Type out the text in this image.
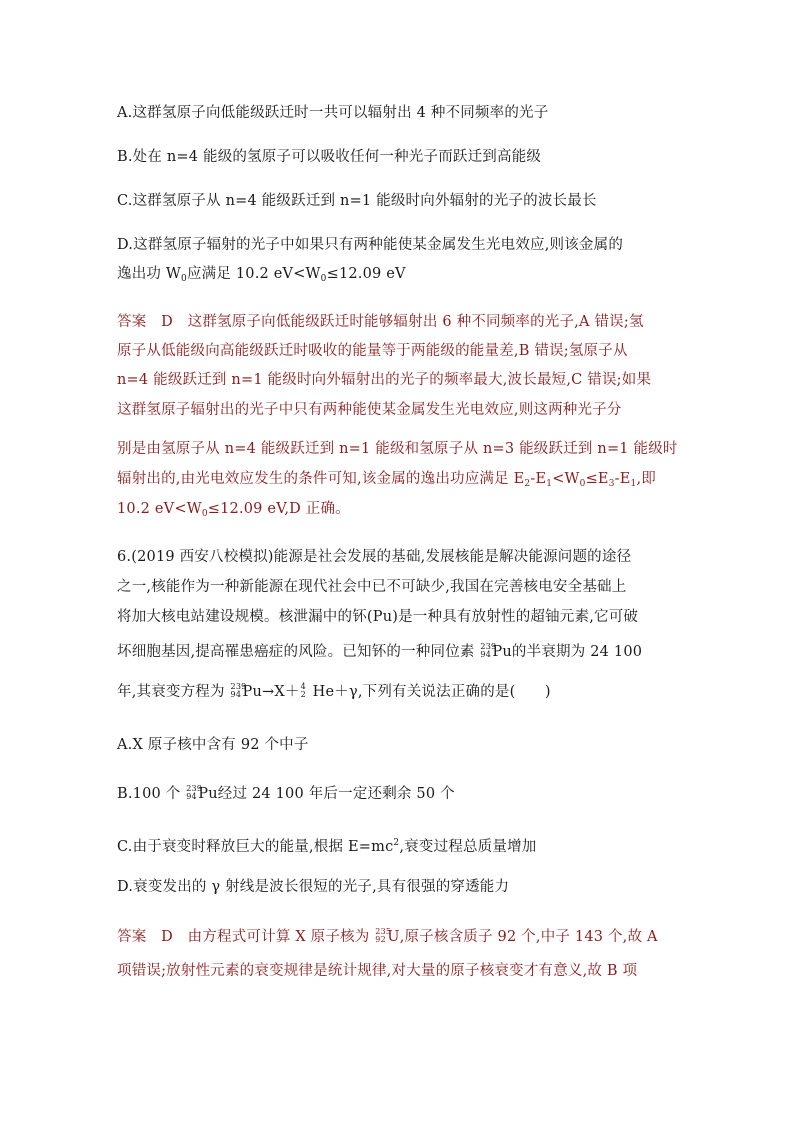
A.这群氢原子向低能级跃迁时一共可以辐射出 4 种不同频率的光子
B.处在 n=4 能级的氢原子可以吸收任何一种光子而跃迁到高能级
C.这群氢原子从 n=4 能级跃迁到 n=1 能级时向外辐射的光子的波长最长
D.这群氢原子辐射的光子中如果只有两种能使某金属发生光电效应,则该金属的
逸出功 $W_0$应满足 10.2 $eV<W_0\le 12.09$ eV
答案　D　这群氢原子向低能级跃迁时能够辐射出 6 种不同频率的光子,A 错误;氢
原子从低能级向高能级跃迁时吸收的能量等于两能级的能量差,B 错误;氢原子从
n=4 能级跃迁到 n=1 能级时向外辐射出的光子的频率最大,波长最短,C 错误;如果
这群氢原子辐射出的光子中只有两种能使某金属发生光电效应,则这两种光子分
别是由氢原子从 n=4 能级跃迁到 n=1 能级和氢原子从 n=3 能级跃迁到 n=1 能级时
辐射出的,由光电效应发生的条件可知,该金属的逸出功应满足 $E_2-E_1<W_0\le E_3-E_1$,即
10.2 $eV<W_0\le 12.09$ eV,D 正确。
6.(2019 西安八校模拟)能源是社会发展的基础,发展核能是解决能源问题的途径
之一,核能作为一种新能源在现代社会中已不可缺少,我国在完善核电安全基础上
将加大核电站建设规模。核泄漏中的钚(Pu)是一种具有放射性的超铀元素,它可破
坏细胞基因,提高罹患癌症的风险。已知钚的一种同位素 239
94 Pu的半衰期为 24 100
年,其衰变方程为 239
94 Pu→X＋ 4
2 He＋γ,下列有关说法正确的是(　　)
A.X 原子核中含有 92 个中子
B.100 个 239
94 Pu经过 24 100 年后一定还剩余 50 个
C.由于衰变时释放巨大的能量,根据 $E=mc^2$,衰变过程总质量增加
D.衰变发出的 γ 射线是波长很短的光子,具有很强的穿透能力
答案　D　由方程式可计算 X 原子核为 235
92 U,原子核含质子 92 个,中子 143 个,故 A
项错误;放射性元素的衰变规律是统计规律,对大量的原子核衰变才有意义,故 B 项
